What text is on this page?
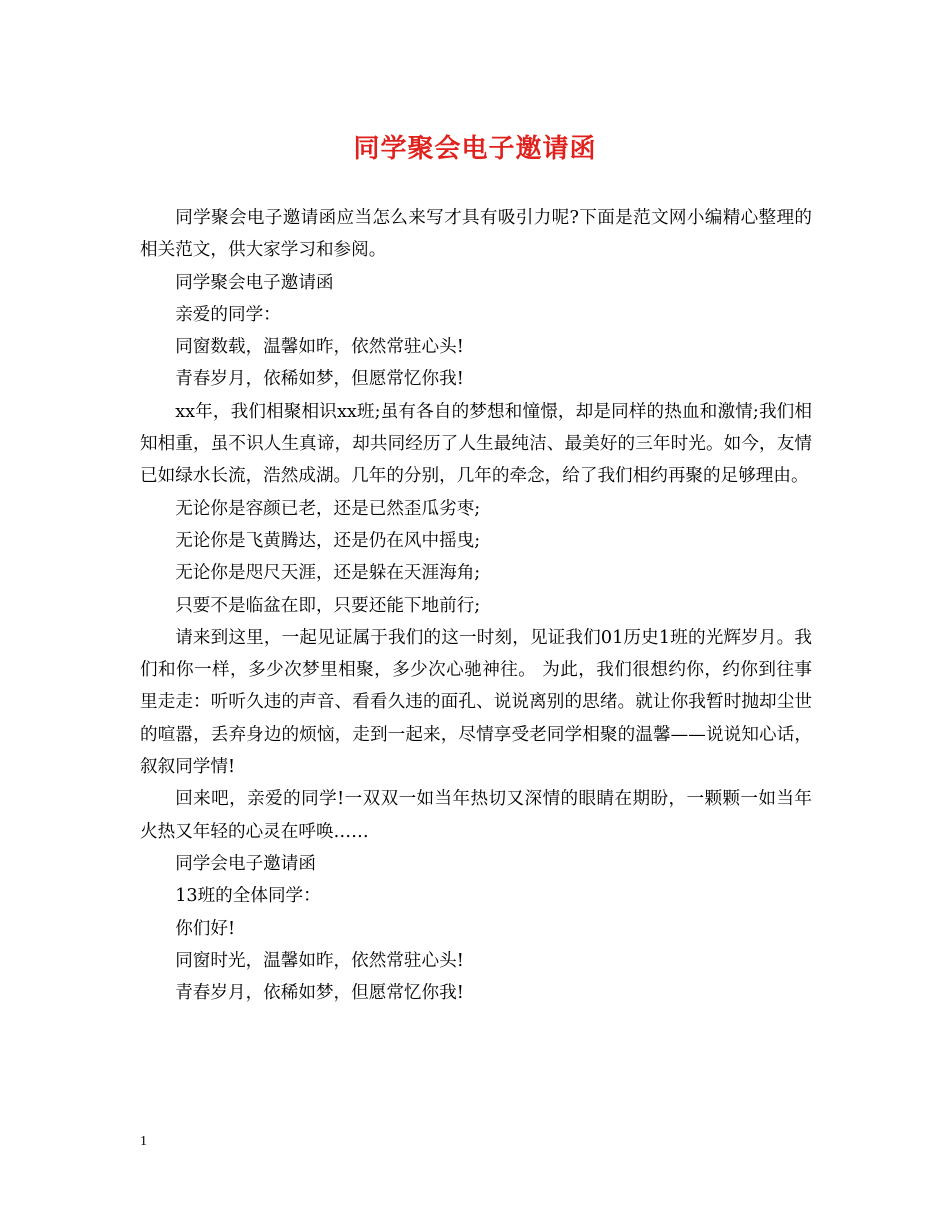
同学聚会电子邀请函

同学聚会电子邀请函应当怎么来写才具有吸引力呢?下面是范文网小编精心整理的相关范文，供大家学习和参阅。

同学聚会电子邀请函

亲爱的同学：

同窗数载，温馨如昨，依然常驻心头!

青春岁月，依稀如梦，但愿常忆你我!

xx年，我们相聚相识xx班;虽有各自的梦想和憧憬，却是同样的热血和激情;我们相知相重，虽不识人生真谛，却共同经历了人生最纯洁、最美好的三年时光。如今，友情已如绿水长流，浩然成湖。几年的分别，几年的牵念，给了我们相约再聚的足够理由。

无论你是容颜已老，还是已然歪瓜劣枣;

无论你是飞黄腾达，还是仍在风中摇曳;

无论你是咫尺天涯，还是躲在天涯海角;

只要不是临盆在即，只要还能下地前行;

请来到这里，一起见证属于我们的这一时刻，见证我们01历史1班的光辉岁月。我们和你一样，多少次梦里相聚，多少次心驰神往。 为此，我们很想约你，约你到往事里走走：听听久违的声音、看看久违的面孔、说说离别的思绪。就让你我暂时抛却尘世的喧嚣，丢弃身边的烦恼，走到一起来，尽情享受老同学相聚的温馨——说说知心话，叙叙同学情!

回来吧，亲爱的同学!一双双一如当年热切又深情的眼睛在期盼，一颗颗一如当年火热又年轻的心灵在呼唤……

同学会电子邀请函

13班的全体同学：

你们好!

同窗时光，温馨如昨，依然常驻心头!

青春岁月，依稀如梦，但愿常忆你我!

1
